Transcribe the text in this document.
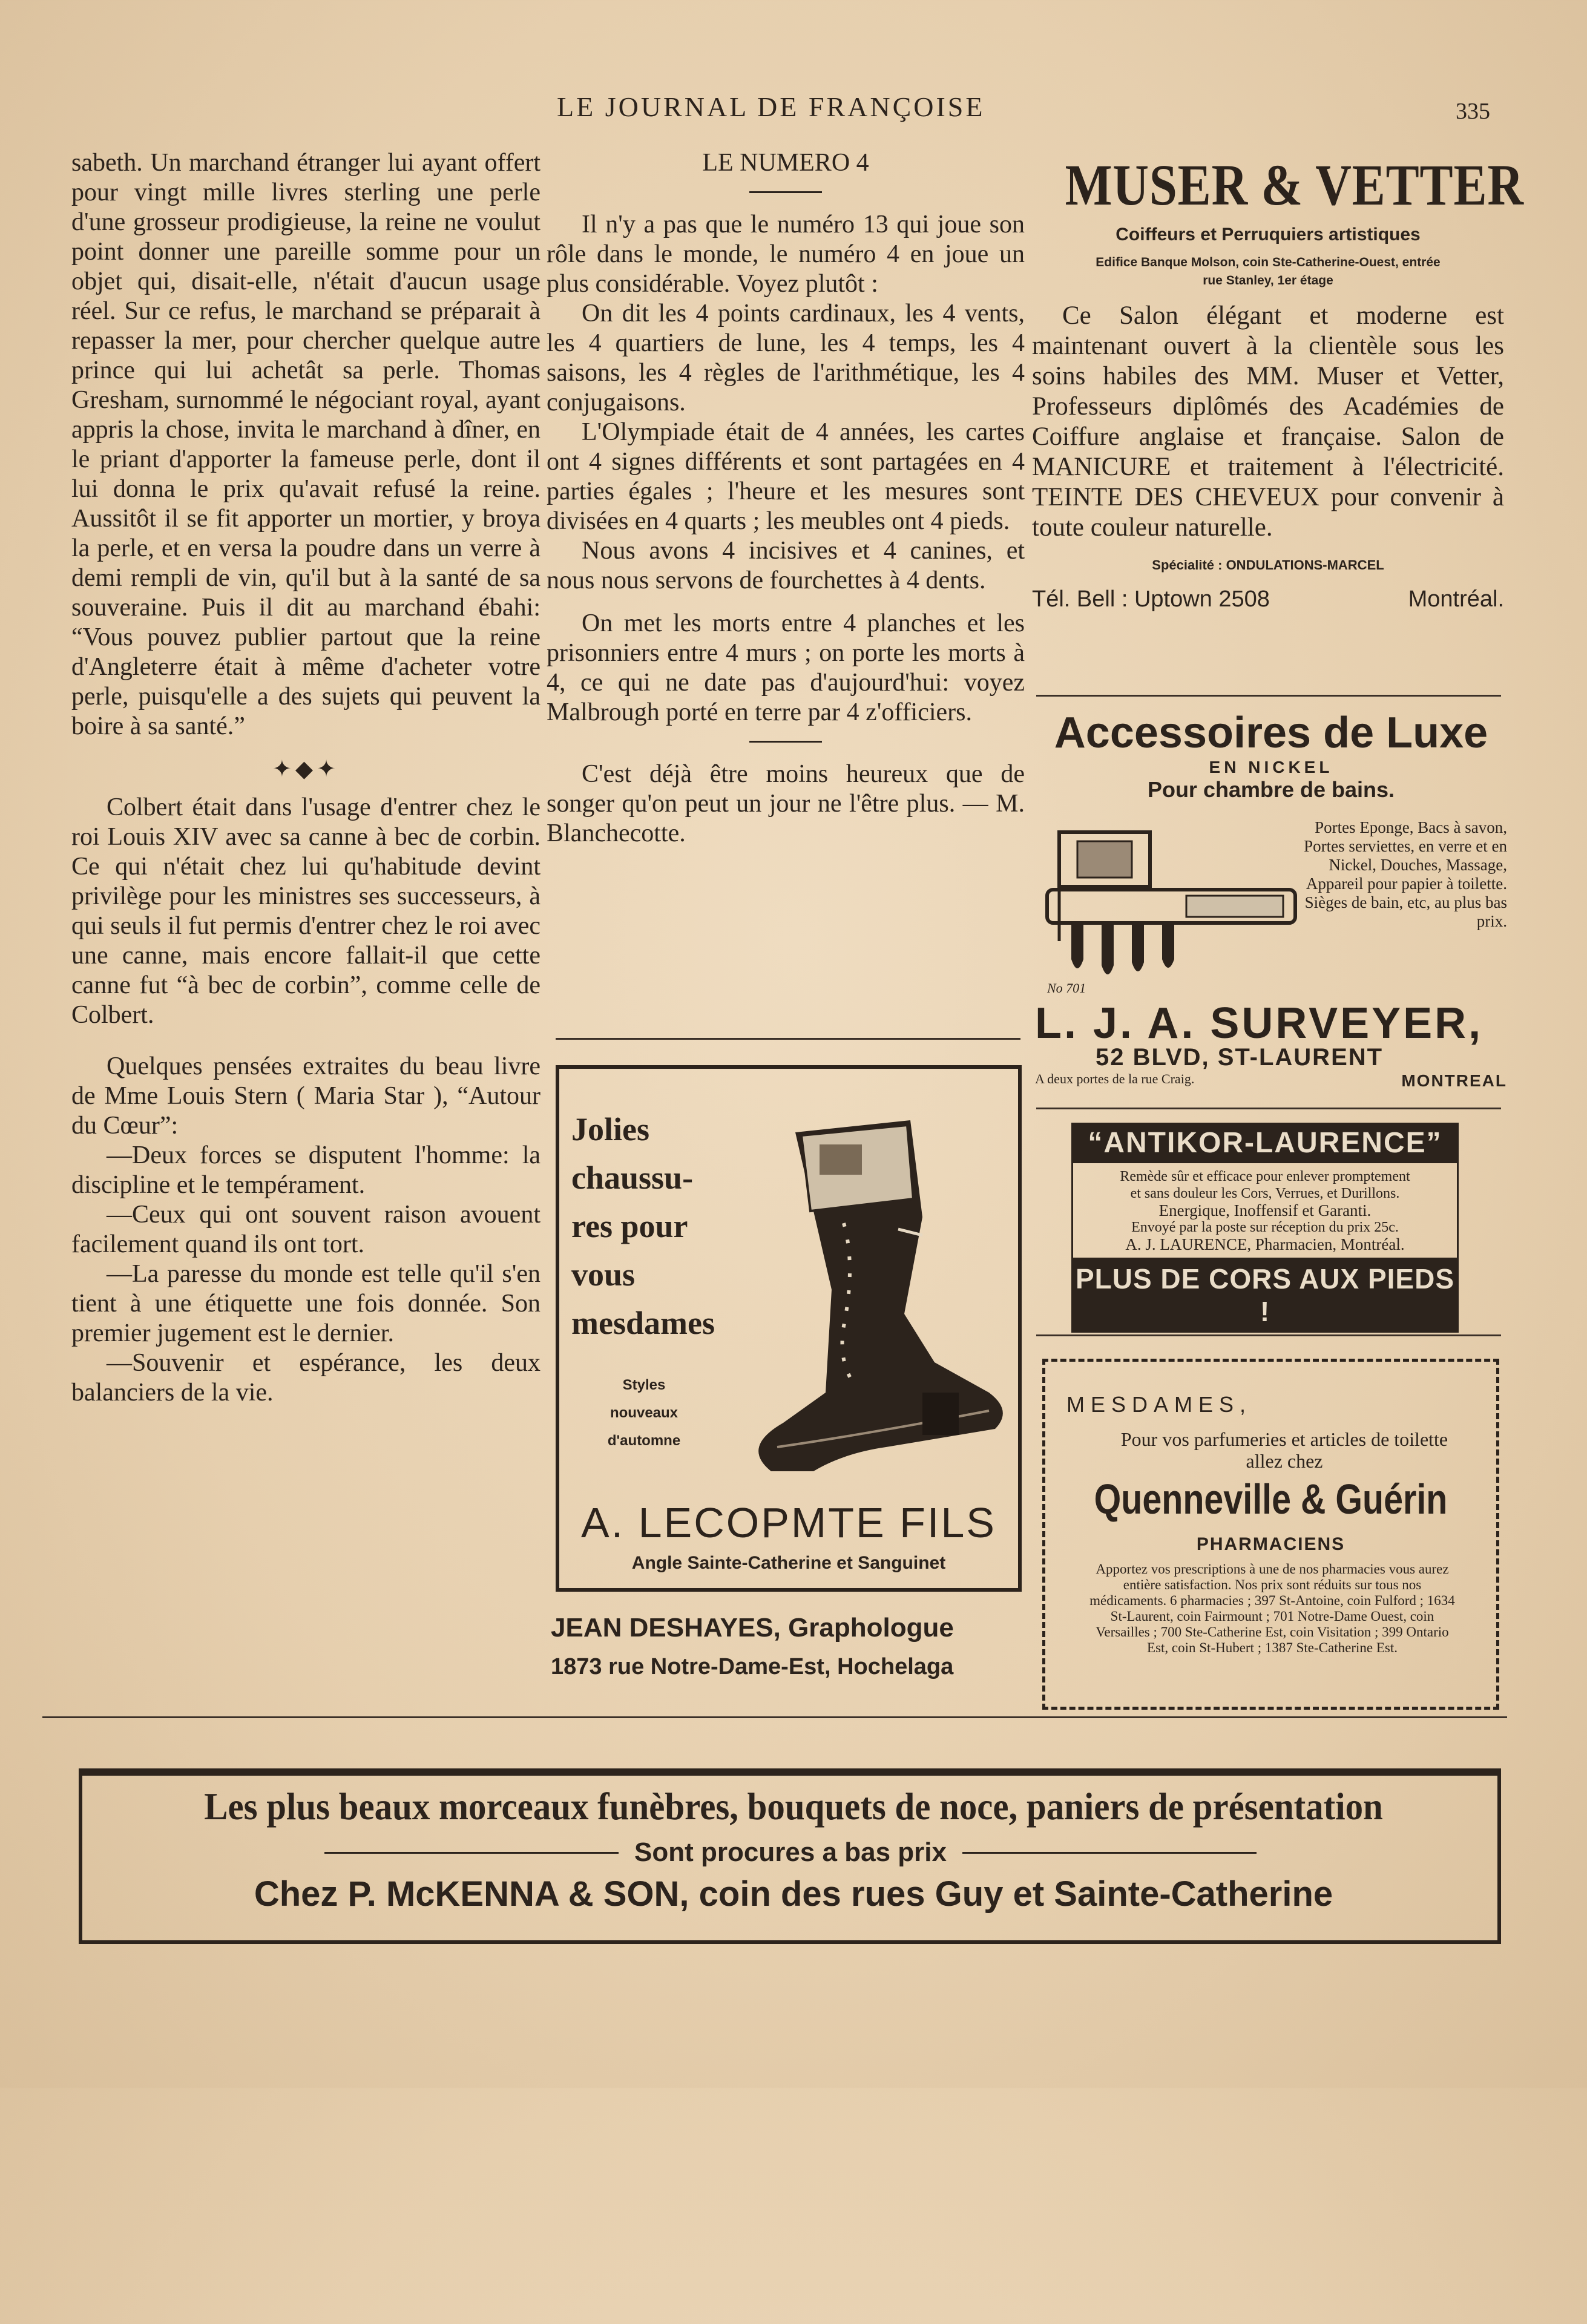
LE JOURNAL DE FRANÇOISE	335

sabeth. Un marchand étranger lui ayant offert pour vingt mille livres sterling une perle d'une grosseur prodigieuse, la reine ne voulut point donner une pareille somme pour un objet qui, disait-elle, n'était d'aucun usage réel. Sur ce refus, le marchand se préparait à repasser la mer, pour chercher quelque autre prince qui lui achetât sa perle. Thomas Gresham, surnommé le négociant royal, ayant appris la chose, invita le marchand à dîner, en le priant d'apporter la fameuse perle, dont il lui donna le prix qu'avait refusé la reine. Aussitôt il se fit apporter un mortier, y broya la perle, et en versa la poudre dans un verre à demi rempli de vin, qu'il but à la santé de sa souveraine. Puis il dit au marchand ébahi: “Vous pouvez publier partout que la reine d'Angleterre était à même d'acheter votre perle, puisqu'elle a des sujets qui peuvent la boire à sa santé.”

✦◆✦

Colbert était dans l'usage d'entrer chez le roi Louis XIV avec sa canne à bec de corbin. Ce qui n'était chez lui qu'habitude devint privilège pour les ministres ses successeurs, à qui seuls il fut permis d'entrer chez le roi avec une canne, mais encore fallait-il que cette canne fut “à bec de corbin”, comme celle de Colbert.

Quelques pensées extraites du beau livre de Mme Louis Stern ( Maria Star ), “Autour du Cœur”:

—Deux forces se disputent l'homme: la discipline et le tempérament.

—Ceux qui ont souvent raison avouent facilement quand ils ont tort.

—La paresse du monde est telle qu'il s'en tient à une étiquette une fois donnée. Son premier jugement est le dernier.

—Souvenir et espérance, les deux balanciers de la vie.

LE NUMERO 4

Il n'y a pas que le numéro 13 qui joue son rôle dans le monde, le numéro 4 en joue un plus considérable. Voyez plutôt :

On dit les 4 points cardinaux, les 4 vents, les 4 quartiers de lune, les 4 temps, les 4 saisons, les 4 règles de l'arithmétique, les 4 conjugaisons.

L'Olympiade était de 4 années, les cartes ont 4 signes différents et sont partagées en 4 parties égales ; l'heure et les mesures sont divisées en 4 quarts ; les meubles ont 4 pieds.

Nous avons 4 incisives et 4 canines, et nous nous servons de fourchettes à 4 dents.

On met les morts entre 4 planches et les prisonniers entre 4 murs ; on porte les morts à 4, ce qui ne date pas d'aujourd'hui: voyez Malbrough porté en terre par 4 z'officiers.

C'est déjà être moins heureux que de songer qu'on peut un jour ne l'être plus. — M. Blanchecotte.

MUSER & VETTER
Coiffeurs et Perruquiers artistiques
Edifice Banque Molson, coin Ste-Catherine-Ouest, entrée
rue Stanley, 1er étage
Ce Salon élégant et moderne est maintenant ouvert à la clientèle sous les soins habiles des MM. Muser et Vetter, Professeurs diplômés des Académies de Coiffure anglaise et française. Salon de MANICURE et traitement à l'électricité. TEINTE DES CHEVEUX pour convenir à toute couleur naturelle.
Spécialité : ONDULATIONS-MARCEL
Tél. Bell : Uptown 2508	Montréal.
Accessoires de Luxe
EN NICKEL
Pour chambre de bains.
No 701
Portes Eponge, Bacs à savon, Portes serviettes, en verre et en Nickel, Douches, Massage, Appareil pour papier à toilette. Sièges de bain, etc, au plus bas prix.
L. J. A. SURVEYER,
52 BLVD, ST-LAURENT
A deux portes de la rue Craig.	MONTREAL
“ANTIKOR-LAURENCE”
Remède sûr et efficace pour enlever promptement
et sans douleur les Cors, Verrues, et Durillons.
Energique, Inoffensif et Garanti.
Envoyé par la poste sur réception du prix 25c.
A. J. LAURENCE, Pharmacien, Montréal.
PLUS DE CORS AUX PIEDS !
MESDAMES,
Pour vos parfumeries et articles de toilette allez chez
Quenneville & Guérin
PHARMACIENS
Apportez vos prescriptions à une de nos pharmacies vous aurez entière satisfaction. Nos prix sont réduits sur tous nos médicaments. 6 pharmacies ; 397 St-Antoine, coin Fulford ; 1634 St-Laurent, coin Fairmount ; 701 Notre-Dame Ouest, coin Versailles ; 700 Ste-Catherine Est, coin Visitation ; 399 Ontario Est, coin St-Hubert ; 1387 Ste-Catherine Est.
Jolies
chaussu-
res pour
vous
mesdames
Styles
nouveaux
d'automne
A. LECOPMTE FILS
Angle Sainte-Catherine et Sanguinet
JEAN DESHAYES, Graphologue
1873 rue Notre-Dame-Est, Hochelaga
Les plus beaux morceaux funèbres, bouquets de noce, paniers de présentation
Sont procures a bas prix
Chez P. McKENNA & SON, coin des rues Guy et Sainte-Catherine
